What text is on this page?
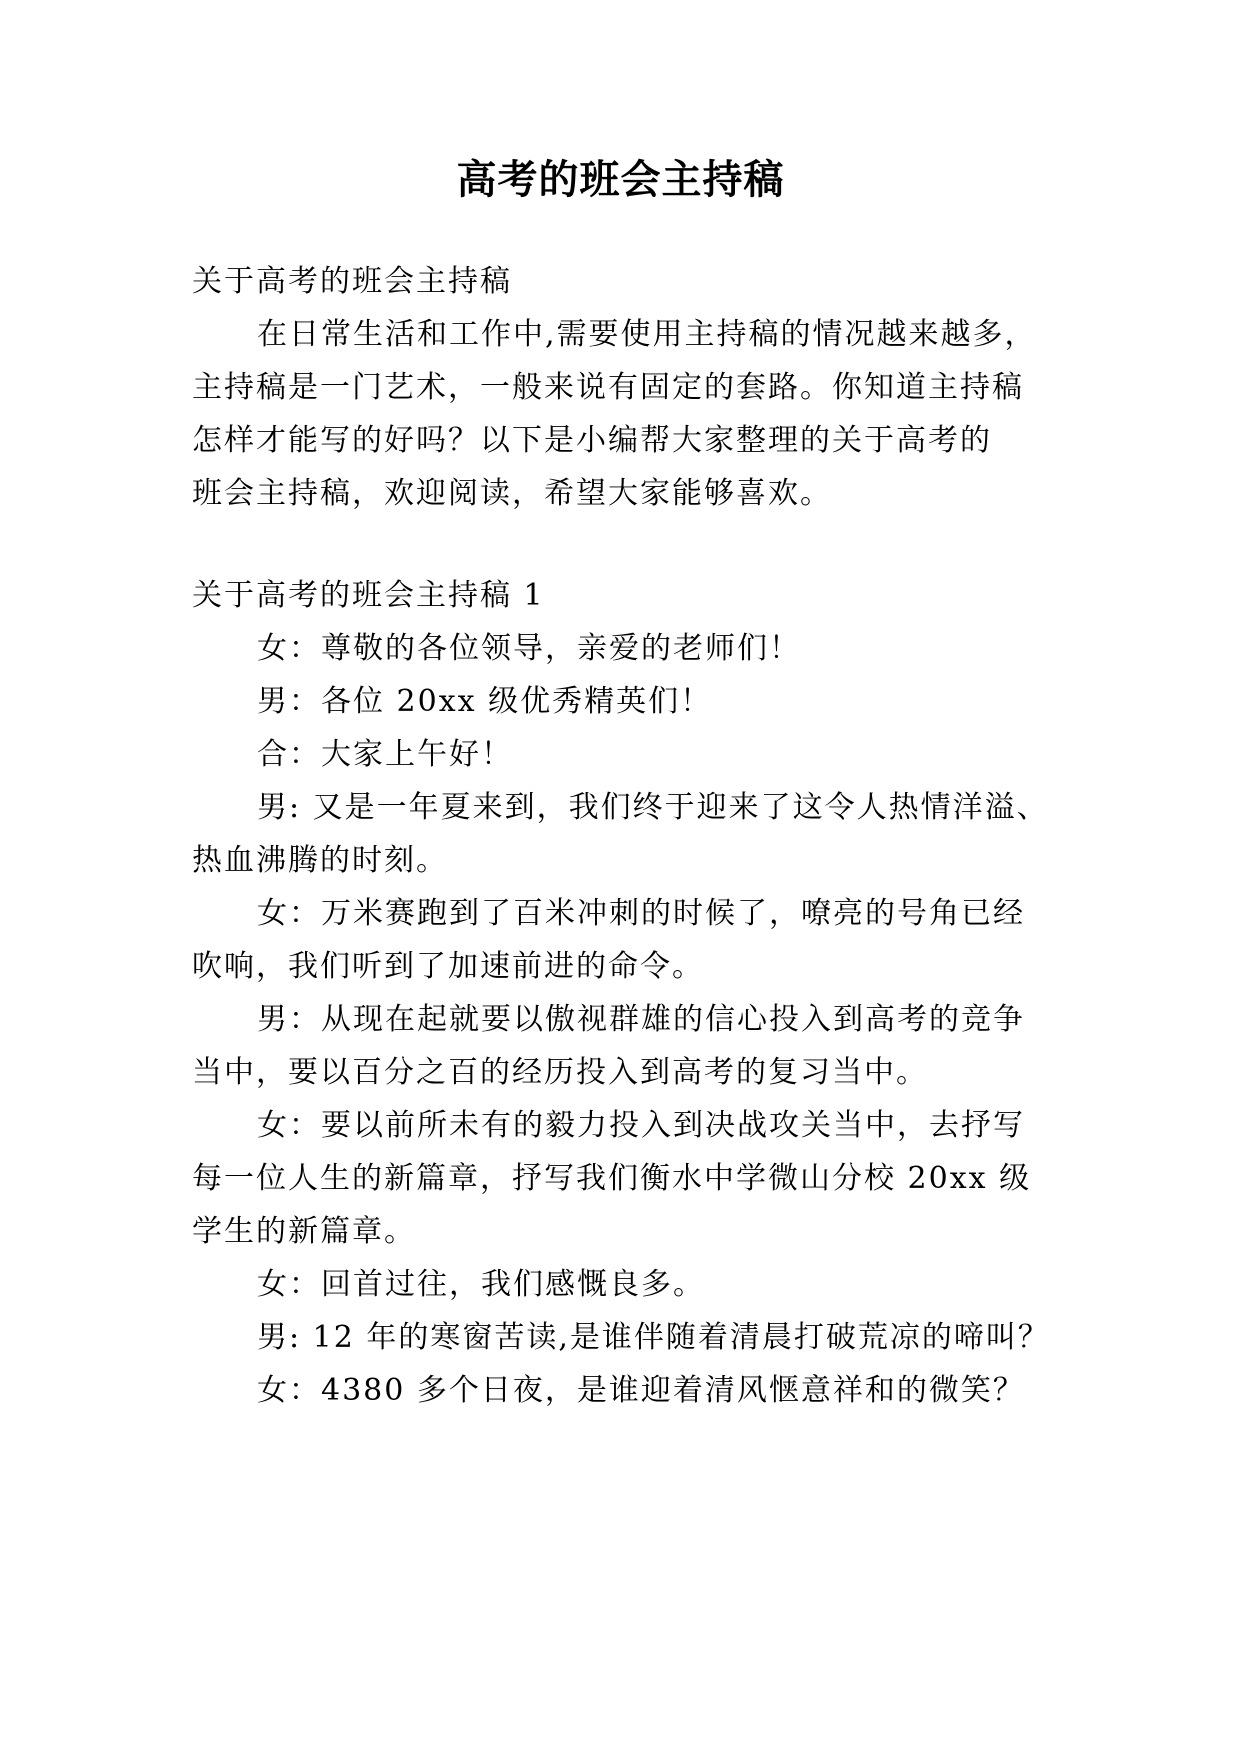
高考的班会主持稿
关于高考的班会主持稿
在日常生活和工作中,需要使用主持稿的情况越来越多，
主持稿是一门艺术，一般来说有固定的套路。你知道主持稿
怎样才能写的好吗？以下是小编帮大家整理的关于高考的
班会主持稿，欢迎阅读，希望大家能够喜欢。
关于高考的班会主持稿 1
女：尊敬的各位领导，亲爱的老师们！
男：各位 20xx 级优秀精英们！
合：大家上午好！
男: 又是一年夏来到，我们终于迎来了这令人热情洋溢、
热血沸腾的时刻。
女：万米赛跑到了百米冲刺的时候了，嘹亮的号角已经
吹响，我们听到了加速前进的命令。
男：从现在起就要以傲视群雄的信心投入到高考的竞争
当中，要以百分之百的经历投入到高考的复习当中。
女：要以前所未有的毅力投入到决战攻关当中，去抒写
每一位人生的新篇章，抒写我们衡水中学微山分校 20xx 级
学生的新篇章。
女：回首过往，我们感慨良多。
男: 12 年的寒窗苦读,是谁伴随着清晨打破荒凉的啼叫？
女：4380 多个日夜，是谁迎着清风惬意祥和的微笑？
